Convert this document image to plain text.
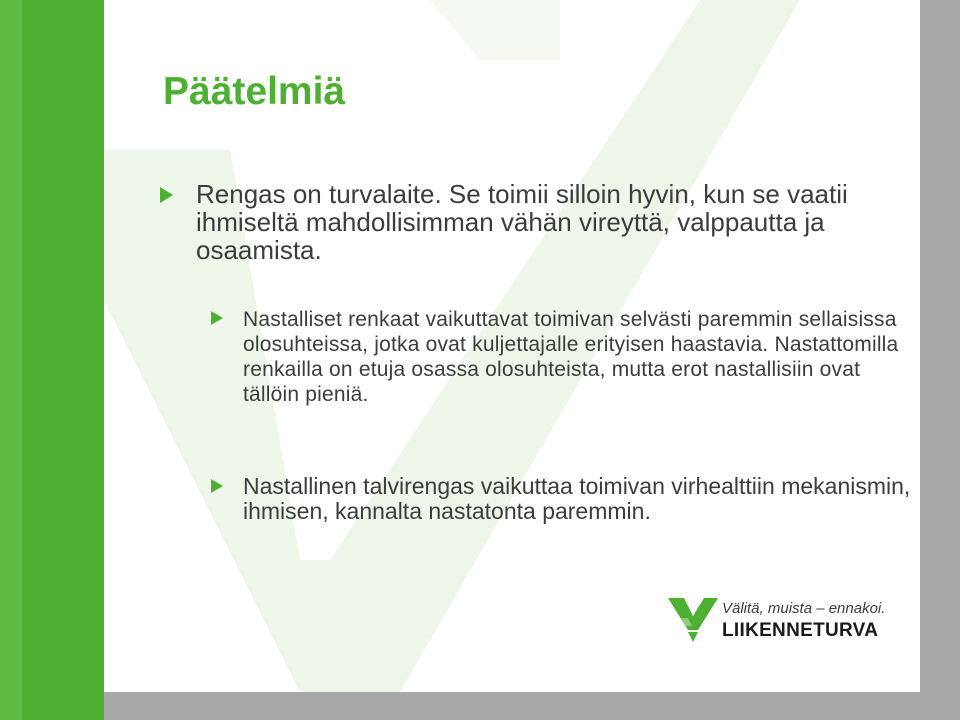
Päätelmiä

Rengas on turvalaite. Se toimii silloin hyvin, kun se vaatii ihmiseltä mahdollisimman vähän vireyttä, valppautta ja osaamista.

Nastalliset renkaat vaikuttavat toimivan selvästi paremmin sellaisissa olosuhteissa, jotka ovat kuljettajalle erityisen haastavia. Nastattomilla renkailla on etuja osassa olosuhteista, mutta erot nastallisiin ovat tällöin pieniä.

Nastallinen talvirengas vaikuttaa toimivan virhealttiin mekanismin, ihmisen, kannalta nastatonta paremmin.

Välitä, muista – ennakoi.
LIIKENNETURVA
